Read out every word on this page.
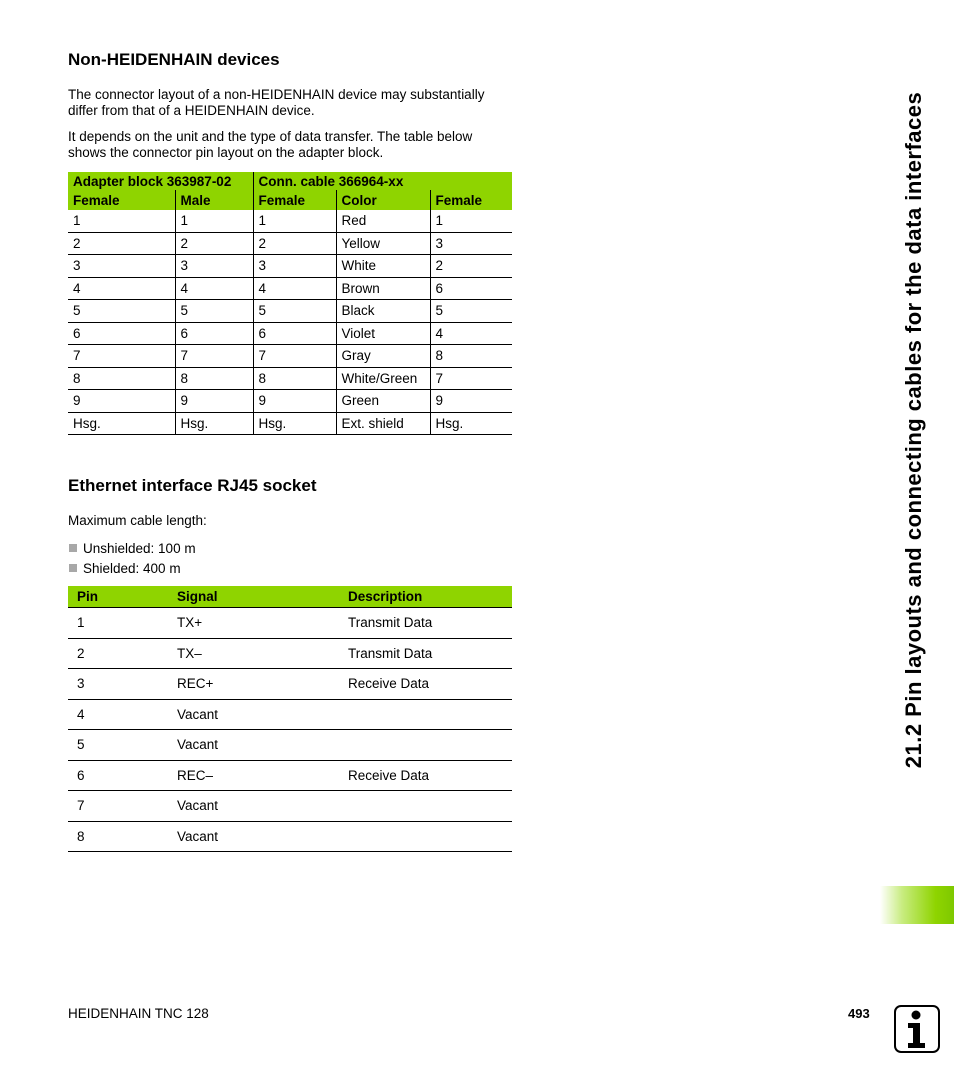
21.2 Pin layouts and connecting cables for the data interfaces
Non-HEIDENHAIN devices

The connector layout of a non-HEIDENHAIN device may substantially differ from that of a HEIDENHAIN device.

It depends on the unit and the type of data transfer. The table below shows the connector pin layout on the adapter block.

Adapter block 363987-02		Conn. cable 366964-xx		
Female	Male	Female	Color	Female
1	1	1	Red	1
2	2	2	Yellow	3
3	3	3	White	2
4	4	4	Brown	6
5	5	5	Black	5
6	6	6	Violet	4
7	7	7	Gray	8
8	8	8	White/Green	7
9	9	9	Green	9
Hsg.	Hsg.	Hsg.	Ext. shield	Hsg.
Ethernet interface RJ45 socket

Maximum cable length:

Unshielded: 100 m
Shielded: 400 m
Pin	Signal	Description
1	TX+	Transmit Data
2	TX–	Transmit Data
3	REC+	Receive Data
4	Vacant	
5	Vacant	
6	REC–	Receive Data
7	Vacant	
8	Vacant	
HEIDENHAIN TNC 128	493
